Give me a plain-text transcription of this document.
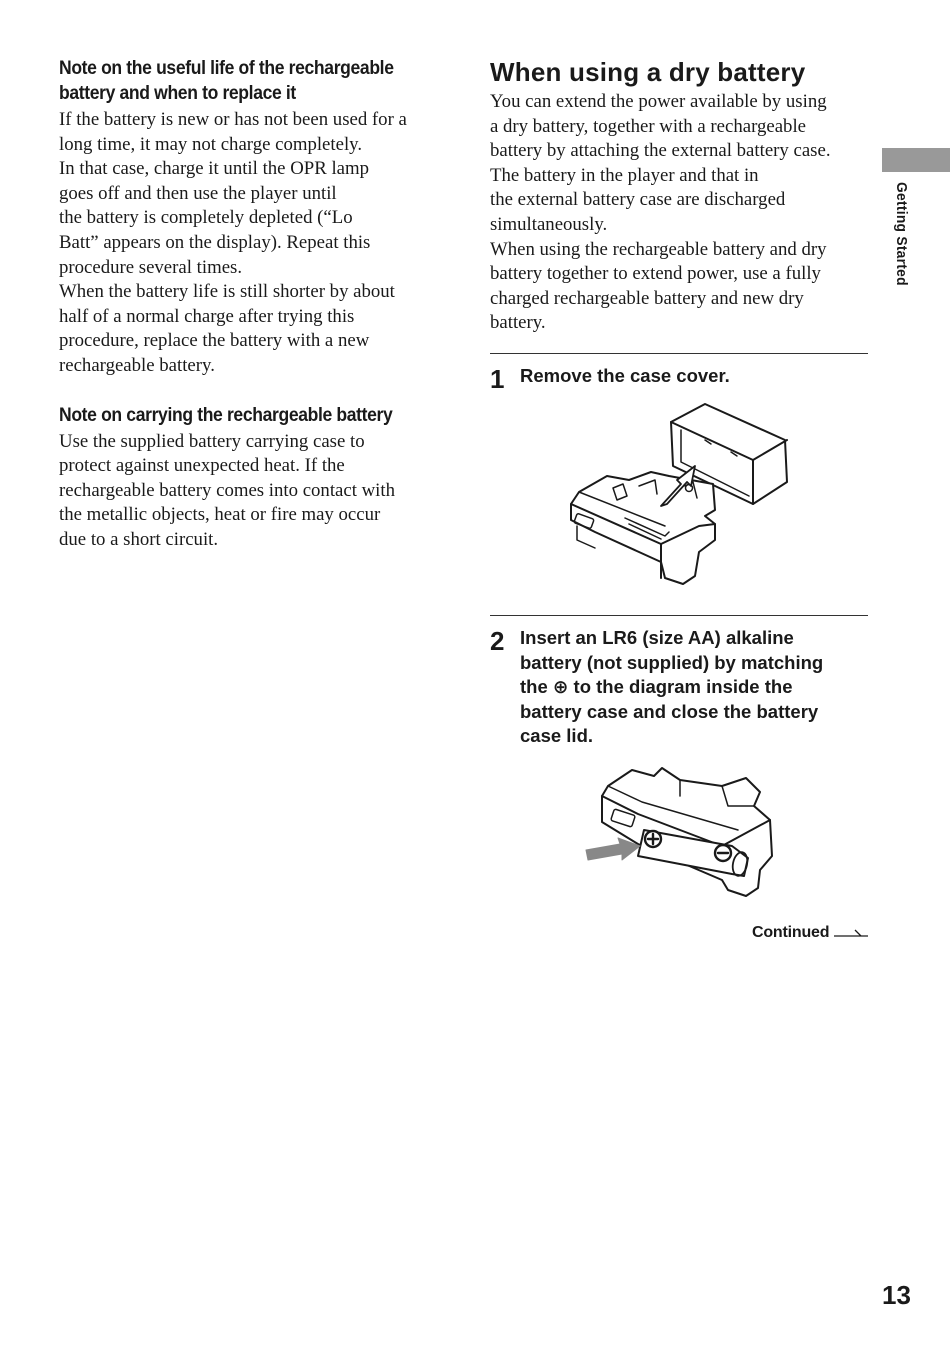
Note on the useful life of the rechargeable
battery and when to replace it

If the battery is new or has not been used for a
long time, it may not charge completely.
In that case, charge it until the OPR lamp
goes off and then use the player until
the battery is completely depleted (“Lo
Batt” appears on the display). Repeat this
procedure several times.
When the battery life is still shorter by about
half of a normal charge after trying this
procedure, replace the battery with a new
rechargeable battery.

Note on carrying the rechargeable battery

Use the supplied battery carrying case to
protect against unexpected heat. If the
rechargeable battery comes into contact with
the metallic objects, heat or fire may occur
due to a short circuit.

When using a dry battery

You can extend the power available by using
a dry battery, together with a rechargeable
battery by attaching the external battery case.
The battery in the player and that in
the external battery case are discharged
simultaneously.
When using the rechargeable battery and dry
battery together to extend power, use a fully
charged rechargeable battery and new dry
battery.

1 Remove the case cover.
2 Insert an LR6 (size AA) alkaline
battery (not supplied) by matching
the ⊕ to the diagram inside the
battery case and close the battery
case lid.
Continued
Getting Started
13
